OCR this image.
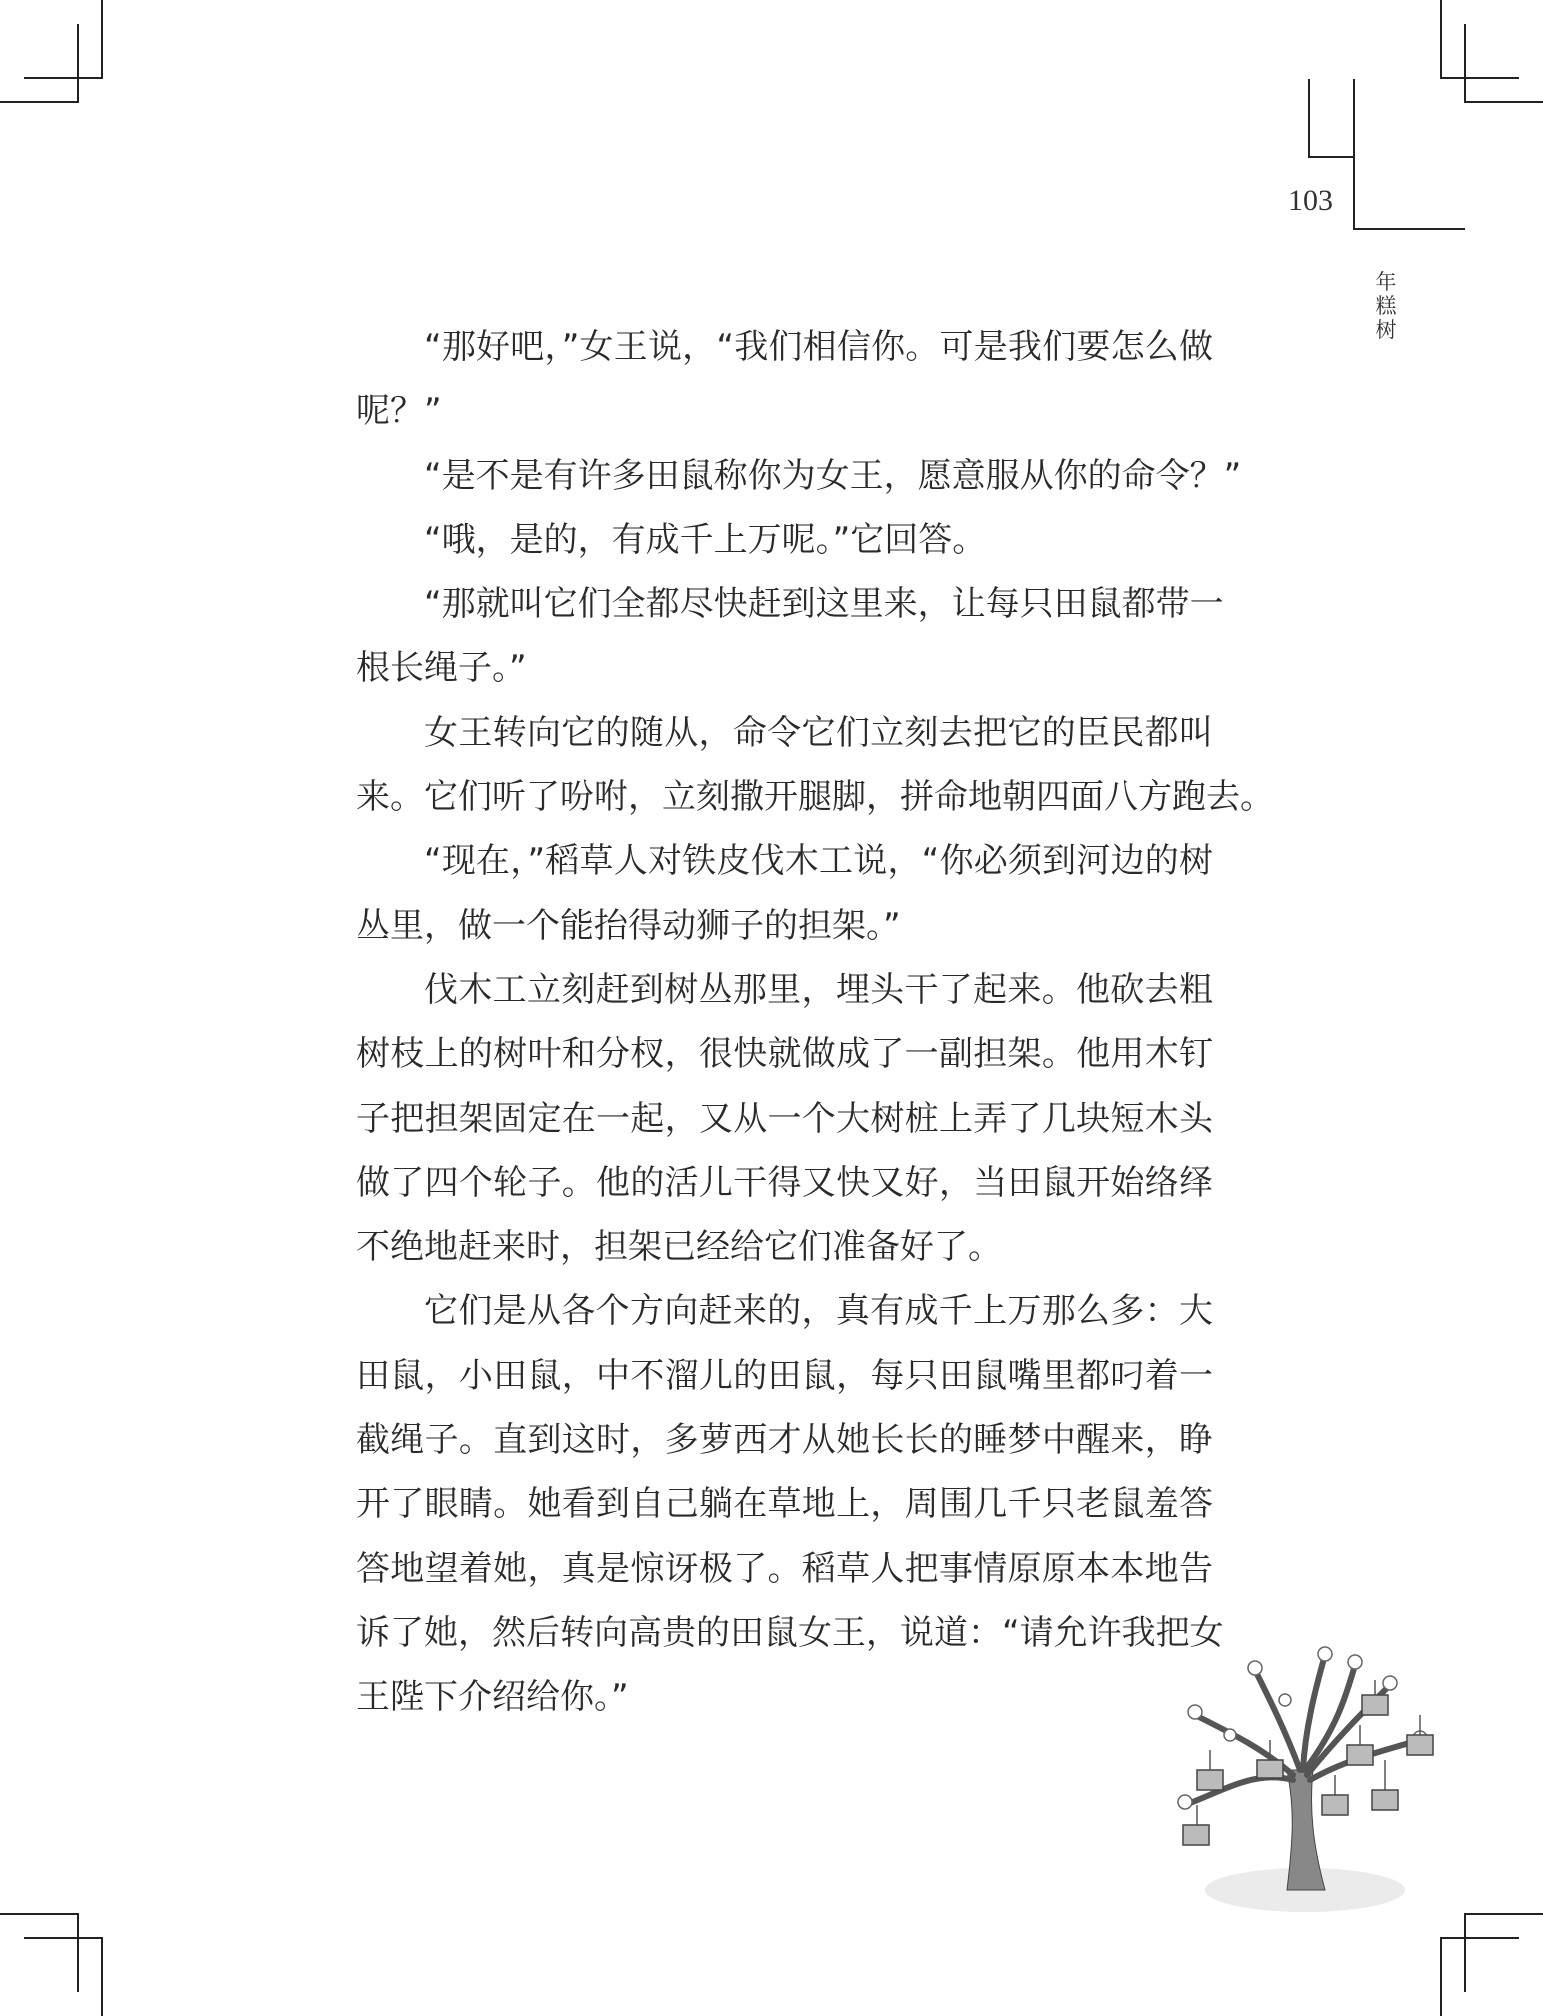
103
年
糕
树
“那好吧，”女王说，“我们相信你。可是我们要怎么做
呢？”
“是不是有许多田鼠称你为女王，愿意服从你的命令？”
“哦，是的，有成千上万呢。”它回答。
“那就叫它们全都尽快赶到这里来，让每只田鼠都带一
根长绳子。”
女王转向它的随从，命令它们立刻去把它的臣民都叫
来。它们听了吩咐，立刻撒开腿脚，拼命地朝四面八方跑去。
“现在，”稻草人对铁皮伐木工说，“你必须到河边的树
丛里，做一个能抬得动狮子的担架。”
伐木工立刻赶到树丛那里，埋头干了起来。他砍去粗
树枝上的树叶和分杈，很快就做成了一副担架。他用木钉
子把担架固定在一起，又从一个大树桩上弄了几块短木头
做了四个轮子。他的活儿干得又快又好，当田鼠开始络绎
不绝地赶来时，担架已经给它们准备好了。
它们是从各个方向赶来的，真有成千上万那么多：大
田鼠，小田鼠，中不溜儿的田鼠，每只田鼠嘴里都叼着一
截绳子。直到这时，多萝西才从她长长的睡梦中醒来，睁
开了眼睛。她看到自己躺在草地上，周围几千只老鼠羞答
答地望着她，真是惊讶极了。稻草人把事情原原本本地告
诉了她，然后转向高贵的田鼠女王，说道：“请允许我把女
王陛下介绍给你。”
